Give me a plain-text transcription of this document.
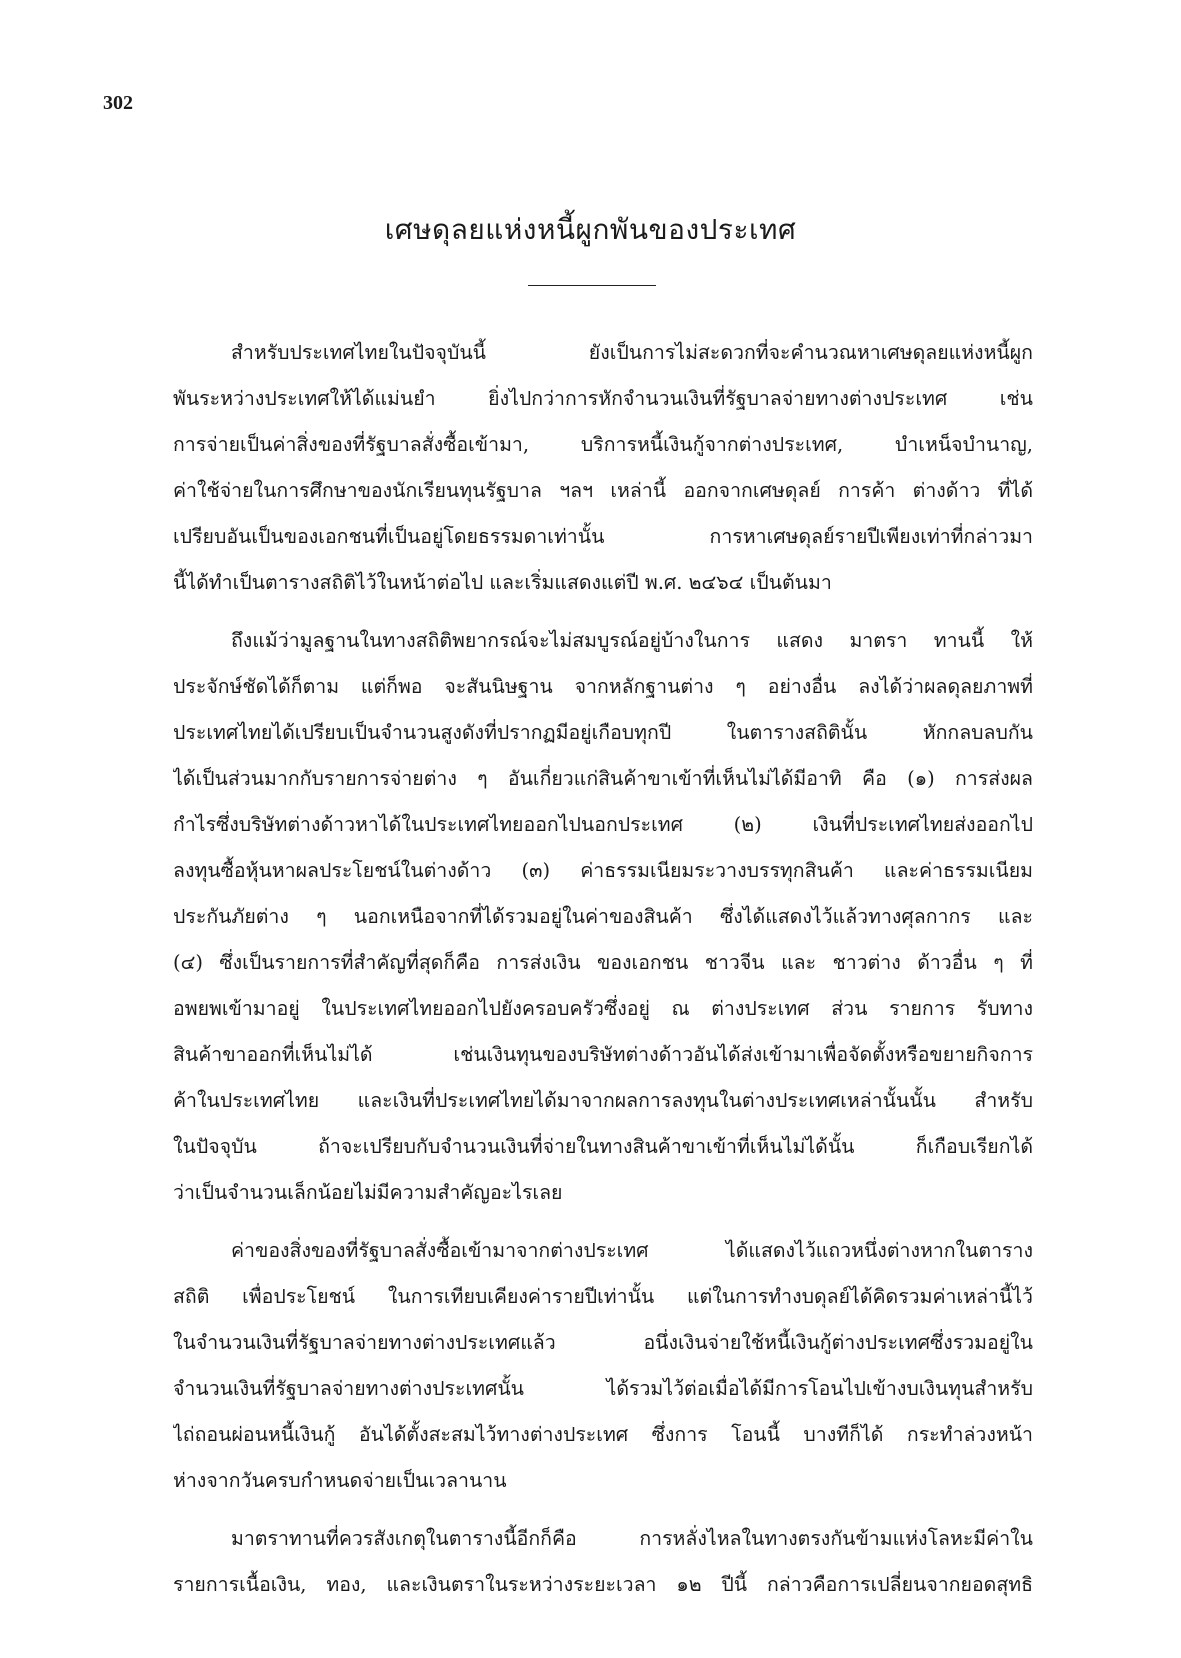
302
เศษดุลยแห่งหนี้ผูกพันของประเทศ
สำหรับประเทศไทยในปัจจุบันนี้ ยังเป็นการไม่สะดวกที่จะคำนวณหาเศษดุลยแห่งหนี้ผูก
พันระหว่างประเทศให้ได้แม่นยำ ยิ่งไปกว่าการหักจำนวนเงินที่รัฐบาลจ่ายทางต่างประเทศ เช่น
การจ่ายเป็นค่าสิ่งของที่รัฐบาลสั่งซื้อเข้ามา, บริการหนี้เงินกู้จากต่างประเทศ, บำเหน็จบำนาญ,
ค่าใช้จ่ายในการศึกษาของนักเรียนทุนรัฐบาล ฯลฯ เหล่านี้ ออกจากเศษดุลย์ การค้า ต่างด้าว ที่ได้
เปรียบอันเป็นของเอกชนที่เป็นอยู่โดยธรรมดาเท่านั้น การหาเศษดุลย์รายปีเพียงเท่าที่กล่าวมา
นี้ได้ทำเป็นตารางสถิติไว้ในหน้าต่อไป และเริ่มแสดงแต่ปี พ.ศ. ๒๔๖๔ เป็นต้นมา
ถึงแม้ว่ามูลฐานในทางสถิติพยากรณ์จะไม่สมบูรณ์อยู่บ้างในการ แสดง มาตรา ทานนี้ ให้
ประจักษ์ชัดได้ก็ตาม แต่ก็พอ จะสันนิษฐาน จากหลักฐานต่าง ๆ อย่างอื่น ลงได้ว่าผลดุลยภาพที่
ประเทศไทยได้เปรียบเป็นจำนวนสูงดังที่ปรากฏมีอยู่เกือบทุกปี ในตารางสถิตินั้น หักกลบลบกัน
ได้เป็นส่วนมากกับรายการจ่ายต่าง ๆ อันเกี่ยวแก่สินค้าขาเข้าที่เห็นไม่ได้มีอาทิ คือ (๑) การส่งผล
กำไรซึ่งบริษัทต่างด้าวหาได้ในประเทศไทยออกไปนอกประเทศ (๒) เงินที่ประเทศไทยส่งออกไป
ลงทุนซื้อหุ้นหาผลประโยชน์ในต่างด้าว (๓) ค่าธรรมเนียมระวางบรรทุกสินค้า และค่าธรรมเนียม
ประกันภัยต่าง ๆ นอกเหนือจากที่ได้รวมอยู่ในค่าของสินค้า ซึ่งได้แสดงไว้แล้วทางศุลกากร และ
(๔) ซึ่งเป็นรายการที่สำคัญที่สุดก็คือ การส่งเงิน ของเอกชน ชาวจีน และ ชาวต่าง ด้าวอื่น ๆ ที่
อพยพเข้ามาอยู่ ในประเทศไทยออกไปยังครอบครัวซึ่งอยู่ ณ ต่างประเทศ ส่วน รายการ รับทาง
สินค้าขาออกที่เห็นไม่ได้ เช่นเงินทุนของบริษัทต่างด้าวอันได้ส่งเข้ามาเพื่อจัดตั้งหรือขยายกิจการ
ค้าในประเทศไทย และเงินที่ประเทศไทยได้มาจากผลการลงทุนในต่างประเทศเหล่านั้นนั้น สำหรับ
ในปัจจุบัน ถ้าจะเปรียบกับจำนวนเงินที่จ่ายในทางสินค้าขาเข้าที่เห็นไม่ได้นั้น ก็เกือบเรียกได้
ว่าเป็นจำนวนเล็กน้อยไม่มีความสำคัญอะไรเลย
ค่าของสิ่งของที่รัฐบาลสั่งซื้อเข้ามาจากต่างประเทศ ได้แสดงไว้แถวหนึ่งต่างหากในตาราง
สถิติ เพื่อประโยชน์ ในการเทียบเคียงค่ารายปีเท่านั้น แต่ในการทำงบดุลย์ได้คิดรวมค่าเหล่านี้ไว้
ในจำนวนเงินที่รัฐบาลจ่ายทางต่างประเทศแล้ว อนึ่งเงินจ่ายใช้หนี้เงินกู้ต่างประเทศซึ่งรวมอยู่ใน
จำนวนเงินที่รัฐบาลจ่ายทางต่างประเทศนั้น ได้รวมไว้ต่อเมื่อได้มีการโอนไปเข้างบเงินทุนสำหรับ
ไถ่ถอนผ่อนหนี้เงินกู้ อันได้ตั้งสะสมไว้ทางต่างประเทศ ซึ่งการ โอนนี้ บางทีก็ได้ กระทำล่วงหน้า
ห่างจากวันครบกำหนดจ่ายเป็นเวลานาน
มาตราทานที่ควรสังเกตุในตารางนี้อีกก็คือ การหลั่งไหลในทางตรงกันข้ามแห่งโลหะมีค่าใน
รายการเนื้อเงิน, ทอง, และเงินตราในระหว่างระยะเวลา ๑๒ ปีนี้ กล่าวคือการเปลี่ยนจากยอดสุทธิ
